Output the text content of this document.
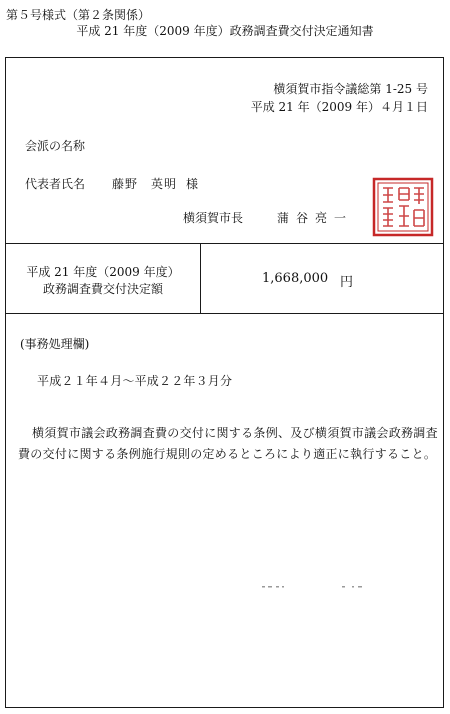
第５号様式（第２条関係）
平成 21 年度（2009 年度）政務調査費交付決定通知書
横須賀市指令議総第 1-25 号
平成 21 年（2009 年）４月１日
会派の名称
代表者氏名 藤野　英明 様
横須賀市長	蒲谷亮一
平成 21 年度（2009 年度）
政務調査費交付決定額
1,668,000 円
(事務処理欄)
平成２１年４月～平成２２年３月分
横須賀市議会政務調査費の交付に関する条例、及び横須賀市議会政務調査費の交付に関する条例施行規則の定めるところにより適正に執行すること。
